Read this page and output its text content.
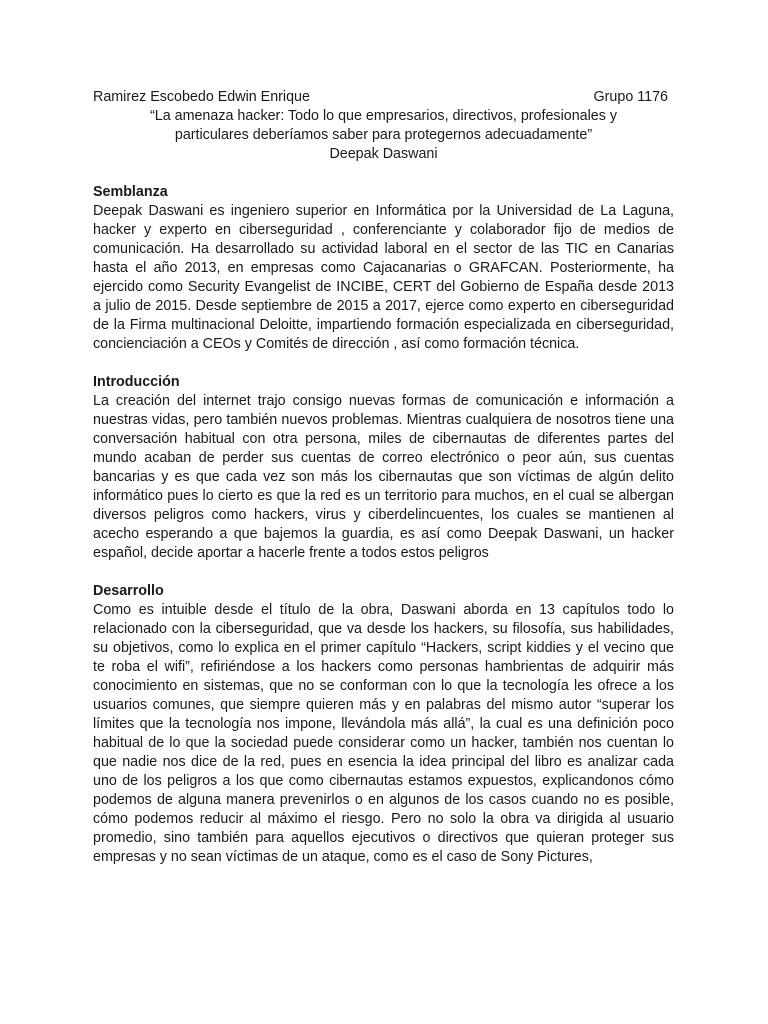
Ramirez Escobedo Edwin Enrique	Grupo 1176
“La amenaza hacker: Todo lo que empresarios, directivos, profesionales y
particulares deberíamos saber para protegernos adecuadamente”
Deepak Daswani
Semblanza
Deepak Daswani es ingeniero superior en Informática por la Universidad de La Laguna, hacker y experto en ciberseguridad , conferenciante y colaborador fijo de medios de comunicación. Ha desarrollado su actividad laboral en el sector de las TIC en Canarias hasta el año 2013, en empresas como Cajacanarias o GRAFCAN. Posteriormente, ha ejercido como Security Evangelist de INCIBE, CERT del Gobierno de España desde 2013 a julio de 2015. Desde septiembre de 2015 a 2017, ejerce como experto en ciberseguridad de la Firma multinacional Deloitte, impartiendo formación especializada en ciberseguridad, concienciación a CEOs y Comités de dirección , así como formación técnica.
Introducción
La creación del internet trajo consigo nuevas formas de comunicación e información a nuestras vidas, pero también nuevos problemas. Mientras cualquiera de nosotros tiene una conversación habitual con otra persona, miles de cibernautas de diferentes partes del mundo acaban de perder sus cuentas de correo electrónico o peor aún, sus cuentas bancarias y es que cada vez son más los cibernautas que son víctimas de algún delito informático pues lo cierto es que la red es un territorio para muchos, en el cual se albergan diversos peligros como hackers, virus y ciberdelincuentes, los cuales se mantienen al acecho esperando a que bajemos la guardia, es así como Deepak Daswani, un hacker español, decide aportar a hacerle frente a todos estos peligros
Desarrollo
Como es intuible desde el título de la obra, Daswani aborda en 13 capítulos todo lo relacionado con la ciberseguridad, que va desde los hackers, su filosofía, sus habilidades, su objetivos, como lo explica en el primer capítulo “Hackers, script kiddies y el vecino que te roba el wifi”, refiriéndose a los hackers como personas hambrientas de adquirir más conocimiento en sistemas, que no se conforman con lo que la tecnología les ofrece a los usuarios comunes, que siempre quieren más y en palabras del mismo autor “superar los límites que la tecnología nos impone, llevándola más allá”, la cual es una definición poco habitual de lo que la sociedad puede considerar como un hacker, también nos cuentan lo que nadie nos dice de la red, pues en esencia la idea principal del libro es analizar cada uno de los peligros a los que como cibernautas estamos expuestos, explicandonos cómo podemos de alguna manera prevenirlos o en algunos de los casos cuando no es posible, cómo podemos reducir al máximo el riesgo. Pero no solo la obra va dirigida al usuario promedio, sino también para aquellos ejecutivos o directivos que quieran proteger sus empresas y no sean víctimas de un ataque, como es el caso de Sony Pictures,
